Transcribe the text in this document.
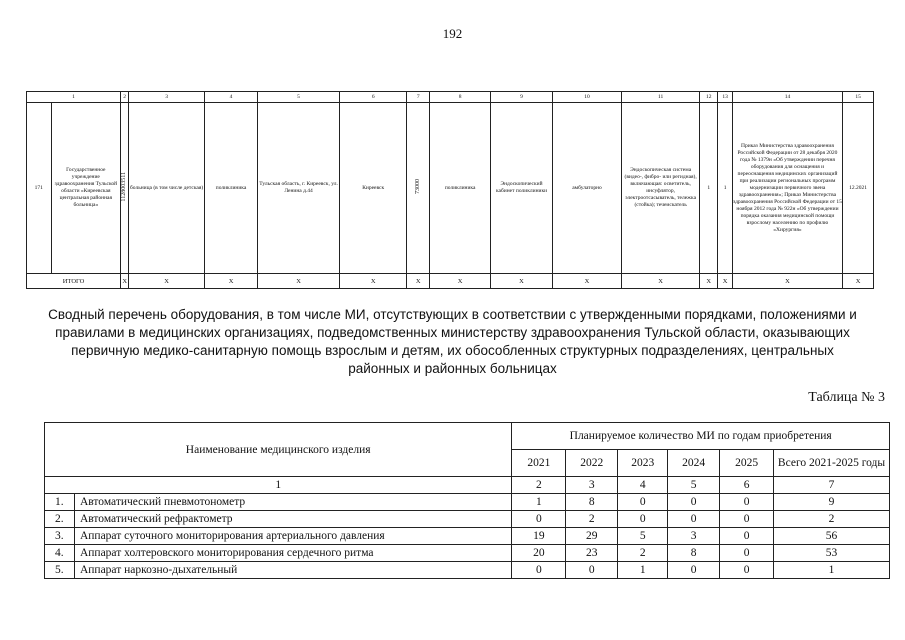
192
1		2	3	4	5	6	7	8	9	10	11	12	13	14	15
171	Государственное учреждение здравоохранения Тульской области «Киреевская центральная районная больница»	1128003511	больница (в том числе детская)	поликлиника	Тульская область, г. Киреевск, ул. Ленина д.44	Киреевск	73000	поликлиника	Эндоскопический кабинет поликлиники	амбулаторно	Эндоскопическая система (видео-, фибро- или регидная), включающая: осветитель, инсуфлятор, электроотсасыватель, тележка (стойка); течеискатель	1	1	Приказ Министерства здравоохранения Российской Федерации от 28 декабря 2020 года № 1379н «Об утверждении перечня оборудования для оснащения и переоснащения медицинских организаций при реализации региональных программ модернизации первичного звена здравоохранения»; Приказ Министерства здравоохранения Российской Федерации от 15 ноября 2012 года № 922н «Об утверждении порядка оказания медицинской помощи взрослому населению по профилю «Хирургия»	12.2021
ИТОГО		X	X	X	X	X	X	X	X	X	X	X	X	X	X
Сводный перечень оборудования, в том числе МИ, отсутствующих в соответствии с утвержденными порядками, положениями и правилами в медицинских организациях, подведомственных министерству здравоохранения Тульской области, оказывающих первичную медико-санитарную помощь взрослым и детям, их обособленных структурных подразделениях, центральных районных и районных больницах
Таблица № 3
Наименование медицинского изделия		Планируемое количество МИ по годам приобретения					
		2021	2022	2023	2024	2025	Всего 2021-2025 годы
1		2	3	4	5	6	7
1.	Автоматический пневмотонометр	1	8	0	0	0	9
2.	Автоматический рефрактометр	0	2	0	0	0	2
3.	Аппарат суточного мониторирования артериального давления	19	29	5	3	0	56
4.	Аппарат холтеровского мониторирования сердечного ритма	20	23	2	8	0	53
5.	Аппарат наркозно-дыхательный	0	0	1	0	0	1
